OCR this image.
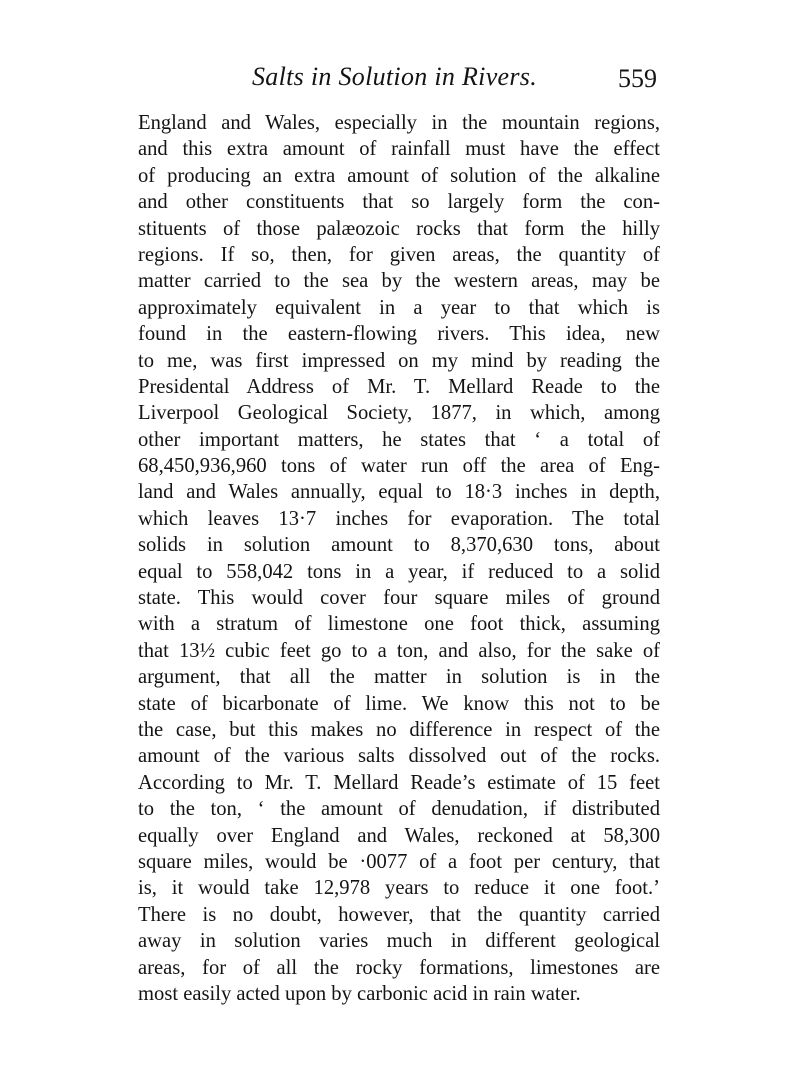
Salts in Solution in Rivers.	559
England and Wales, especially in the mountain regions,
and this extra amount of rainfall must have the effect
of producing an extra amount of solution of the alkaline
and other constituents that so largely form the con-
stituents of those palæozoic rocks that form the hilly
regions. If so, then, for given areas, the quantity of
matter carried to the sea by the western areas, may be
approximately equivalent in a year to that which is
found in the eastern-flowing rivers. This idea, new
to me, was first impressed on my mind by reading the
Presidental Address of Mr. T. Mellard Reade to the
Liverpool Geological Society, 1877, in which, among
other important matters, he states that ‘ a total of
68,450,936,960 tons of water run off the area of Eng-
land and Wales annually, equal to 18·3 inches in depth,
which leaves 13·7 inches for evaporation. The total
solids in solution amount to 8,370,630 tons, about
equal to 558,042 tons in a year, if reduced to a solid
state. This would cover four square miles of ground
with a stratum of limestone one foot thick, assuming
that 13½ cubic feet go to a ton, and also, for the sake of
argument, that all the matter in solution is in the
state of bicarbonate of lime. We know this not to be
the case, but this makes no difference in respect of the
amount of the various salts dissolved out of the rocks.
According to Mr. T. Mellard Reade’s estimate of 15 feet
to the ton, ‘ the amount of denudation, if distributed
equally over England and Wales, reckoned at 58,300
square miles, would be ·0077 of a foot per century, that
is, it would take 12,978 years to reduce it one foot.’
There is no doubt, however, that the quantity carried
away in solution varies much in different geological
areas, for of all the rocky formations, limestones are
most easily acted upon by carbonic acid in rain water.
